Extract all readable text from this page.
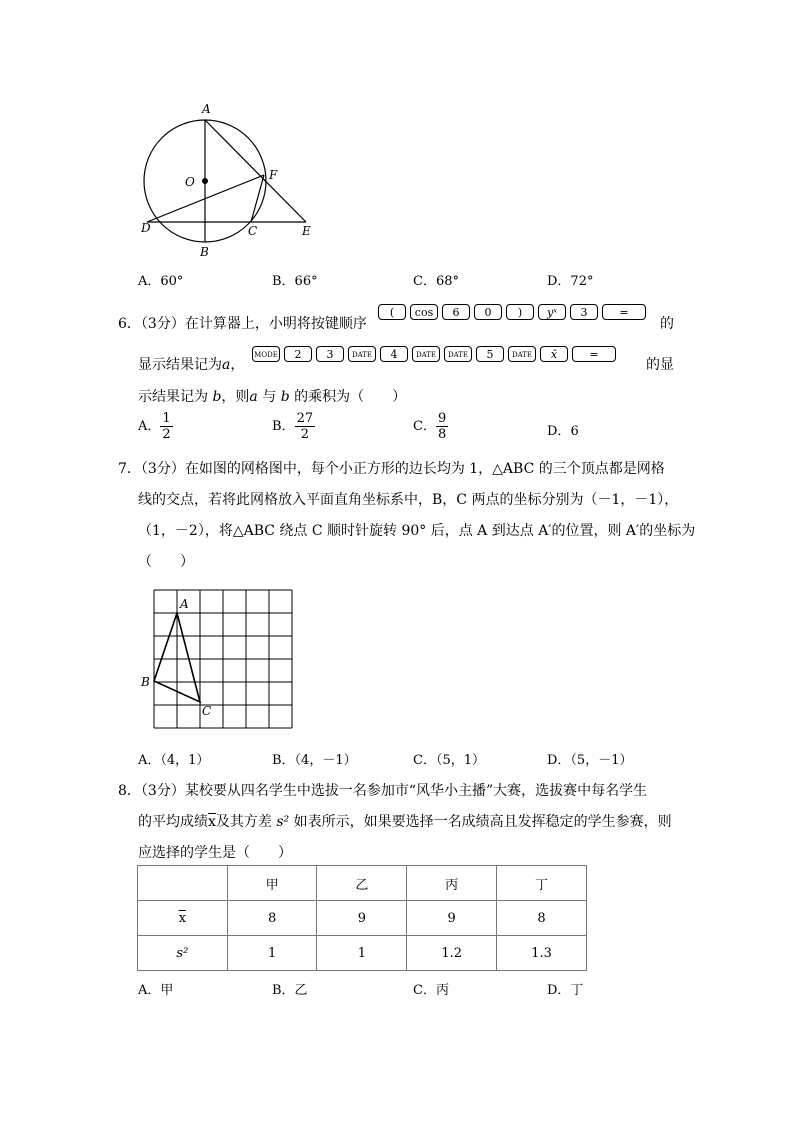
A
O	F
D
B
C	E
A．60°	B．66°	C．68°	D．72°
6．（3分）在计算器上，小明将按键顺序
( cos 6 0 ) yˣ 3	=
的
显示结果记为a，
MODE 2 3	DATE 4	DATE DATE 5	DATE x̄	=
的显
示结果记为 b，则a 与 b 的乘积为（　　）
A． $\frac{1}{2}$	B． $\frac{27}{2}$	C． $\frac{9}{8}$	D．6
7．（3分）在如图的网格图中，每个小正方形的边长均为 1，△ABC 的三个顶点都是网格
线的交点，若将此网格放入平面直角坐标系中，B，C 两点的坐标分别为（－1，－1），
（1，－2），将△ABC 绕点 C 顺时针旋转 90° 后，点 A 到达点 A′的位置，则 A′的坐标为
（　　）
A
B
C
A．（4，1）	B．（4，－1）	C．（5，1）	D．（5，－1）
8．（3分）某校要从四名学生中选拔一名参加市“风华小主播”大赛，选拔赛中每名学生
的平均成绩$\overline{x}$及其方差 s² 如表所示，如果要选择一名成绩高且发挥稳定的学生参赛，则
应选择的学生是（　　）
	甲	乙	丙	丁
$\overline{x}$	8	9	9	8
s²	1	1	1.2	1.3
A．甲	B．乙	C．丙	D．丁
